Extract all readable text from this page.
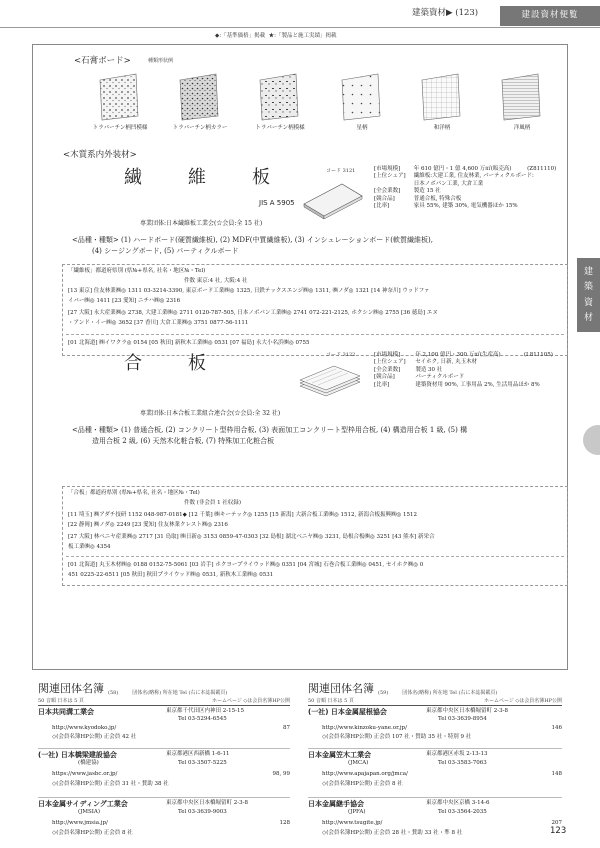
建築資材▶ (123)	建設資材便覧
◆:「基準価格」掲載 ★:「製品と施工実績」掲載
建
築
資
材
<石膏ボード>	種類形状例
トラバーチン柄凹模様	トラバーチン柄カラー	トラバーチン柄模様	星柄	和洋柄	洋風柄
<木質系内外装材>
繊維板 コード 3121
JIS A 5905
[市場規模]	年 610 億円・1 億 4,600 万㎡(販売高)	(Z811110)
[上位シェア]	繊維板:大建工業, 住友林業, パーティクルボード:	
	日本ノボパン工業, 大倉工業	
[全会業数]	製造 15 社	
[競合品]	普通合板, 特殊合板	
[比率]	家具 55%, 建築 30%, 電気機器ほか 15%	
専業団体:日本繊維板工業会(☆会員:全 15 社)
<品種・種類> (1) ハードボード(硬質繊維板), (2) MDF(中質繊維板), (3) インシュレーションボード(軟質繊維板),
(4) シージングボード, (5) パーティクルボード
「繊維板」都道府県別 (県№+県名, 社名・地区№・Tel)
件数 東京:4 社, 大阪:4 社
[13 東京] 住友林業㈱◎ 1311 03-3214-3390, 東京ボード工業㈱◎ 1325, 日鉄テックスエンジ㈱◎ 1311, ㈱ノダ◎ 1321 [14 神奈川] ウッドファ
イバー㈱◎ 1411 [23 愛知] ニチハ㈱◎ 2316
[27 大阪] 永大産業㈱◎ 2738, 大建工業㈱◎ 2711 0120-787-505, 日本ノボパン工業㈱◎ 2741 072-221-2125, ホクシン㈱◎ 2755 [36 徳島] エヌ
・アンド・イー㈱◎ 3652 [37 香川] 大倉工業㈱◎ 3751 0877-56-1111
[01 北海道] ㈱イワクラ◎ 0154 [05 秋田] 新秋木工業㈱◎ 0531 [07 福島] 永大小名浜㈱◎ 0755
合板	コード 3122	[市場規模]	年 2,100 億円・300 万㎡(生産高)	(L811105)
[上位シェア]	セイホク, 日新, 丸玉木材	
[全会業数]	製造 30 社	
[競合品]	パーティクルボード	
[比率]	建築資材用 90%, 工事用品 2%, 生活用品ほか 8%	
専業団体:日本合板工業組合連合会(☆会員:全 32 社)
<品種・種類> (1) 普通合板, (2) コンクリート型枠用合板, (3) 表面加工コンクリート型枠用合板, (4) 構造用合板 1 級, (5) 構
造用合板 2 級, (6) 天然木化粧合板, (7) 特殊加工化粧合板
「合板」都道府県別 (県№+県名, 社名・地区№・Tel)
件数 (非会員 1 社収録)
[11 埼玉] ㈱アダチ技研 1152 048-987-0181◆ [12 千葉] ㈱キーテック◎ 1255 [15 新潟] 大新合板工業㈱◎ 1512, 新潟合板振興㈱◎ 1512
[22 静岡] ㈱ノダ◎ 2249 [23 愛知] 住友林業クレスト㈱◎ 2316
[27 大阪] 林ベニヤ産業㈱◎ 2717 [31 鳥取] ㈱日新◎ 3153 0859-47-0303 [32 島根] 湖北ベニヤ㈱◎ 3231, 島根合板㈱◎ 3251 [43 熊本] 新栄合
板工業㈱◎ 4354
[01 北海道] 丸玉木材㈱◎ 0188 0152-75-5061 [03 岩手] ホクヨープライウッド㈱◎ 0351 [04 宮城] 石巻合板工業㈱◎ 0451, セイホク㈱◎ 0
451 0225-22-6511 [05 秋田] 秋田プライウッド㈱◎ 0531, 新秋木工業㈱◎ 0531
関連団体名簿 (58)	団体名(略称) 所在地 Tel (右に本誌掲載頁)
50 音順 日本は 5 頁	ホームページ ◇は会員名簿HP公開
日本共同溝工業会	東京都千代田区内神田 2-15-15
Tel 03-5294-6545
http://www.kyodoko.jp/	87
◇(会員名簿HP公開) 正会員 42 社
(一社) 日本橋梁建設協会
(橋建協)
東京都港区西新橋 1-6-11
Tel 03-3507-5225
https://www.jasbc.or.jp/	98, 99
◇(会員名簿HP公開) 正会員 31 社・賛助 38 社
日本金属サイディング工業会
(JMSIA)
東京都中央区日本橋堀留町 2-3-8
Tel 03-3639-9003
http://www.jmsia.jp/	128
◇(会員名簿HP公開) 正会員 8 社
関連団体名簿 (59)	団体名(略称) 所在地 Tel (右に本誌掲載頁)
50 音順 日本は 5 頁	ホームページ ◇は会員名簿HP公開
(一社) 日本金属屋根協会	東京都中央区日本橋堀留町 2-3-8
Tel 03-3639-8954
http://www.kinzoku-yane.or.jp/	146
◇(会員名簿HP公開) 正会員 107 社・賛助 35 社・特別 9 社
日本金属笠木工業会
(JMCA)
東京都港区赤坂 2-13-13
Tel 03-3583-7063
http://www.apajapan.org/jmca/	148
◇(会員名簿HP公開) 正会員 8 社
日本金属継手協会
(JPFA)
東京都中央区京橋 3-14-6
Tel 03-3564-2035
http://www.tsugite.jp/	207
◇(会員名簿HP公開) 正会員 28 社・賛助 33 社・準 8 社	123
